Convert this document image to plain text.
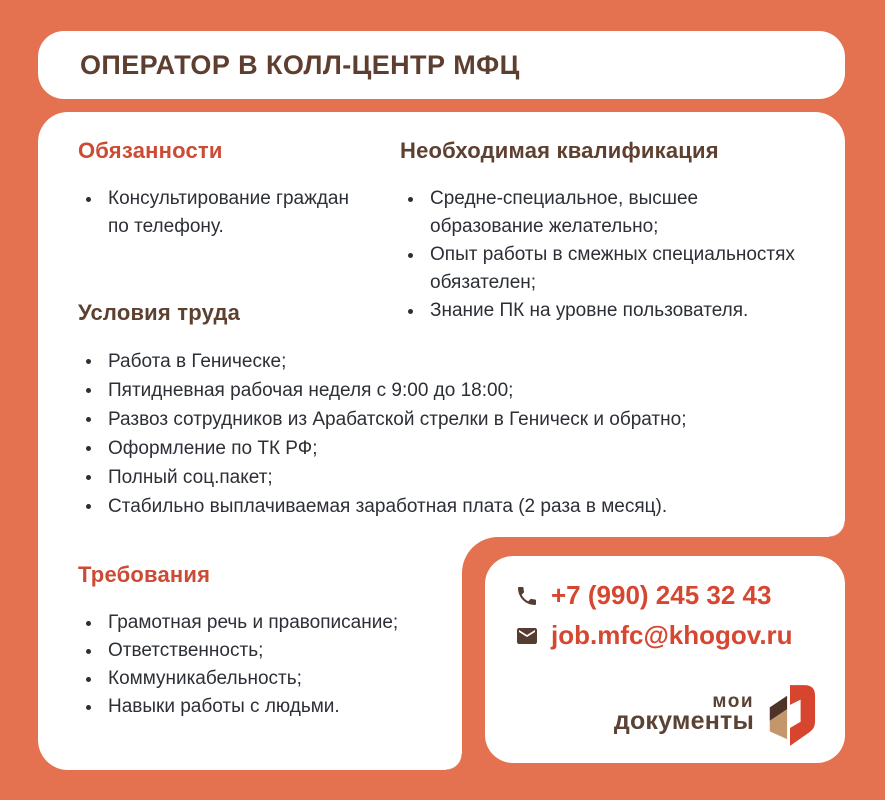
ОПЕРАТОР В КОЛЛ-ЦЕНТР МФЦ
Обязанности
Консультирование граждан по телефону.
Необходимая квалификация
Средне-специальное, высшее образование желательно;
Опыт работы в смежных специальностях обязателен;
Знание ПК на уровне пользователя.
Условия труда
Работа в Геническе;
Пятидневная рабочая неделя с 9:00 до 18:00;
Развоз сотрудников из Арабатской стрелки в Геническ и обратно;
Оформление по ТК РФ;
Полный соц.пакет;
Стабильно выплачиваемая заработная плата (2 раза в месяц).
Требования
Грамотная речь и правописание;
Ответственность;
Коммуникабельность;
Навыки работы с людьми.
+7 (990) 245 32 43
job.mfc@khogov.ru
мои
документы
